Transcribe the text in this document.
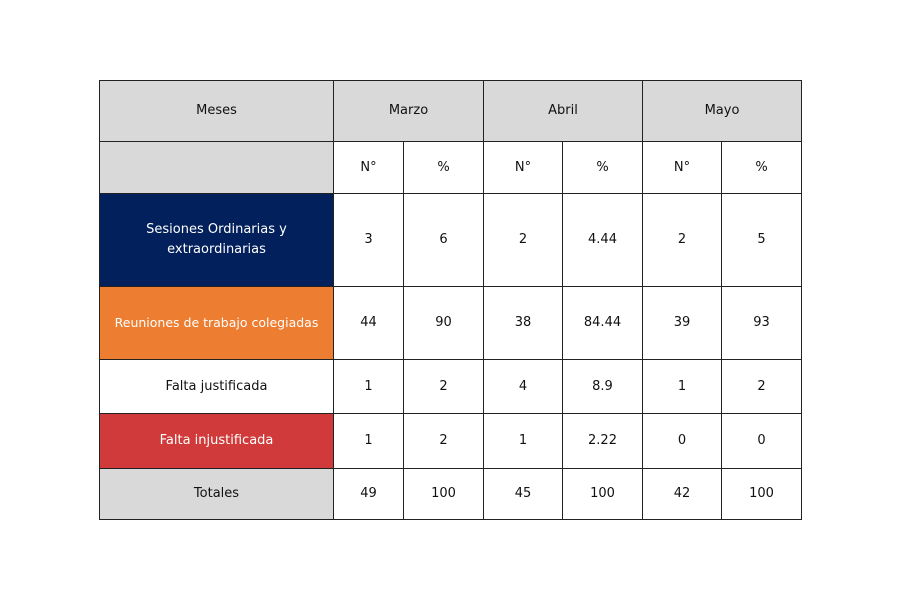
Meses	Marzo		Abril		Mayo	
	N°	%	N°	%	N°	%
Sesiones Ordinarias y extraordinarias	3	6	2	4.44	2	5
Reuniones de trabajo colegiadas	44	90	38	84.44	39	93
Falta justificada	1	2	4	8.9	1	2
Falta injustificada	1	2	1	2.22	0	0
Totales	49	100	45	100	42	100
